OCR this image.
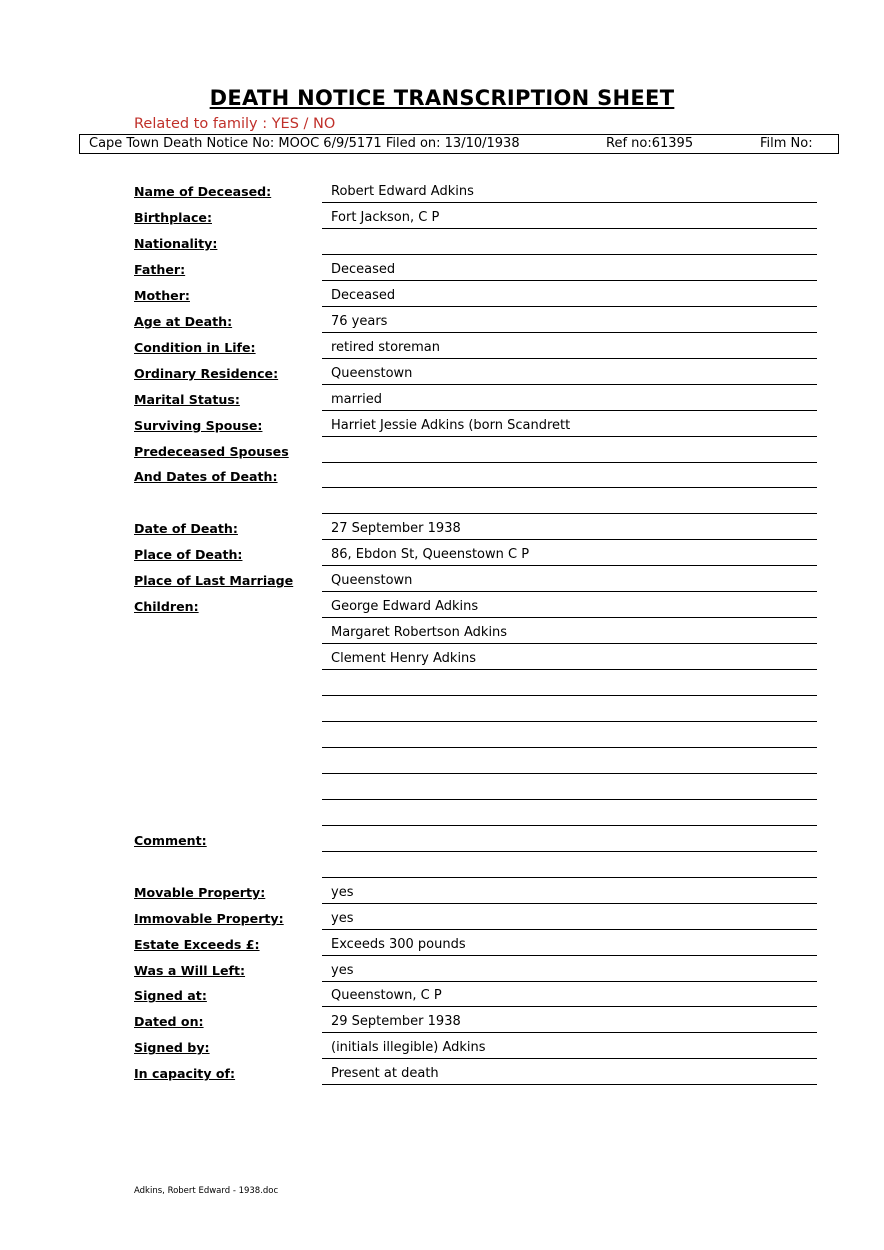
DEATH NOTICE TRANSCRIPTION SHEET
Related to family : YES / NO
Cape Town Death Notice No: MOOC 6/9/5171 Filed on: 13/10/1938	Ref no:61395	Film No:
Name of Deceased:	Robert Edward Adkins
Birthplace:	Fort Jackson, C P
Nationality:
Father:	Deceased
Mother:	Deceased
Age at Death:	76 years
Condition in Life:	retired storeman
Ordinary Residence:	Queenstown
Marital Status:	married
Surviving Spouse:	Harriet Jessie Adkins (born Scandrett
Predeceased Spouses
And Dates of Death:
Date of Death:	27 September 1938
Place of Death:	86, Ebdon St, Queenstown C P
Place of Last Marriage	Queenstown
Children:	George Edward Adkins
Margaret Robertson Adkins
Clement Henry Adkins
Comment:
Movable Property:	yes
Immovable Property:	yes
Estate Exceeds £:	Exceeds 300 pounds
Was a Will Left:	yes
Signed at:	Queenstown, C P
Dated on:	29 September 1938
Signed by:	(initials illegible) Adkins
In capacity of:	Present at death
Adkins, Robert Edward - 1938.doc
